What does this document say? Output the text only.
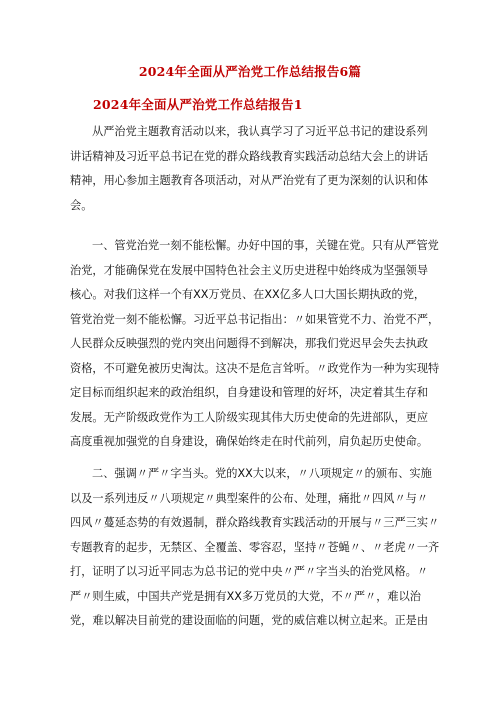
2024年全面从严治党工作总结报告6篇
2024年全面从严治党工作总结报告1
从严治党主题教育活动以来，我认真学习了习近平总书记的建设系列
讲话精神及习近平总书记在党的群众路线教育实践活动总结大会上的讲话
精神，用心参加主题教育各项活动，对从严治党有了更为深刻的认识和体
会。
一、管党治党一刻不能松懈。办好中国的事，关键在党。只有从严管党
治党，才能确保党在发展中国特色社会主义历史进程中始终成为坚强领导
核心。对我们这样一个有XX万党员、在XX亿多人口大国长期执政的党，
管党治党一刻不能松懈。习近平总书记指出：〃如果管党不力、治党不严，
人民群众反映强烈的党内突出问题得不到解决，那我们党迟早会失去执政
资格，不可避免被历史淘汰。这决不是危言耸听。〃政党作为一种为实现特
定目标而组织起来的政治组织，自身建设和管理的好坏，决定着其生存和
发展。无产阶级政党作为工人阶级实现其伟大历史使命的先进部队，更应
高度重视加强党的自身建设，确保始终走在时代前列，肩负起历史使命。
二、强调〃严〃字当头。党的XX大以来，〃八项规定〃的颁布、实施
以及一系列违反〃八项规定〃典型案件的公布、处理，痛批〃四风〃与〃
四风〃蔓延态势的有效遏制，群众路线教育实践活动的开展与〃三严三实〃
专题教育的起步，无禁区、全覆盖、零容忍，坚持〃苍蝇〃、〃老虎〃一齐
打，证明了以习近平同志为总书记的党中央〃严〃字当头的治党风格。〃
严〃则生威，中国共产党是拥有XX多万党员的大党，不〃严〃，难以治
党，难以解决目前党的建设面临的问题，党的威信难以树立起来。正是由
